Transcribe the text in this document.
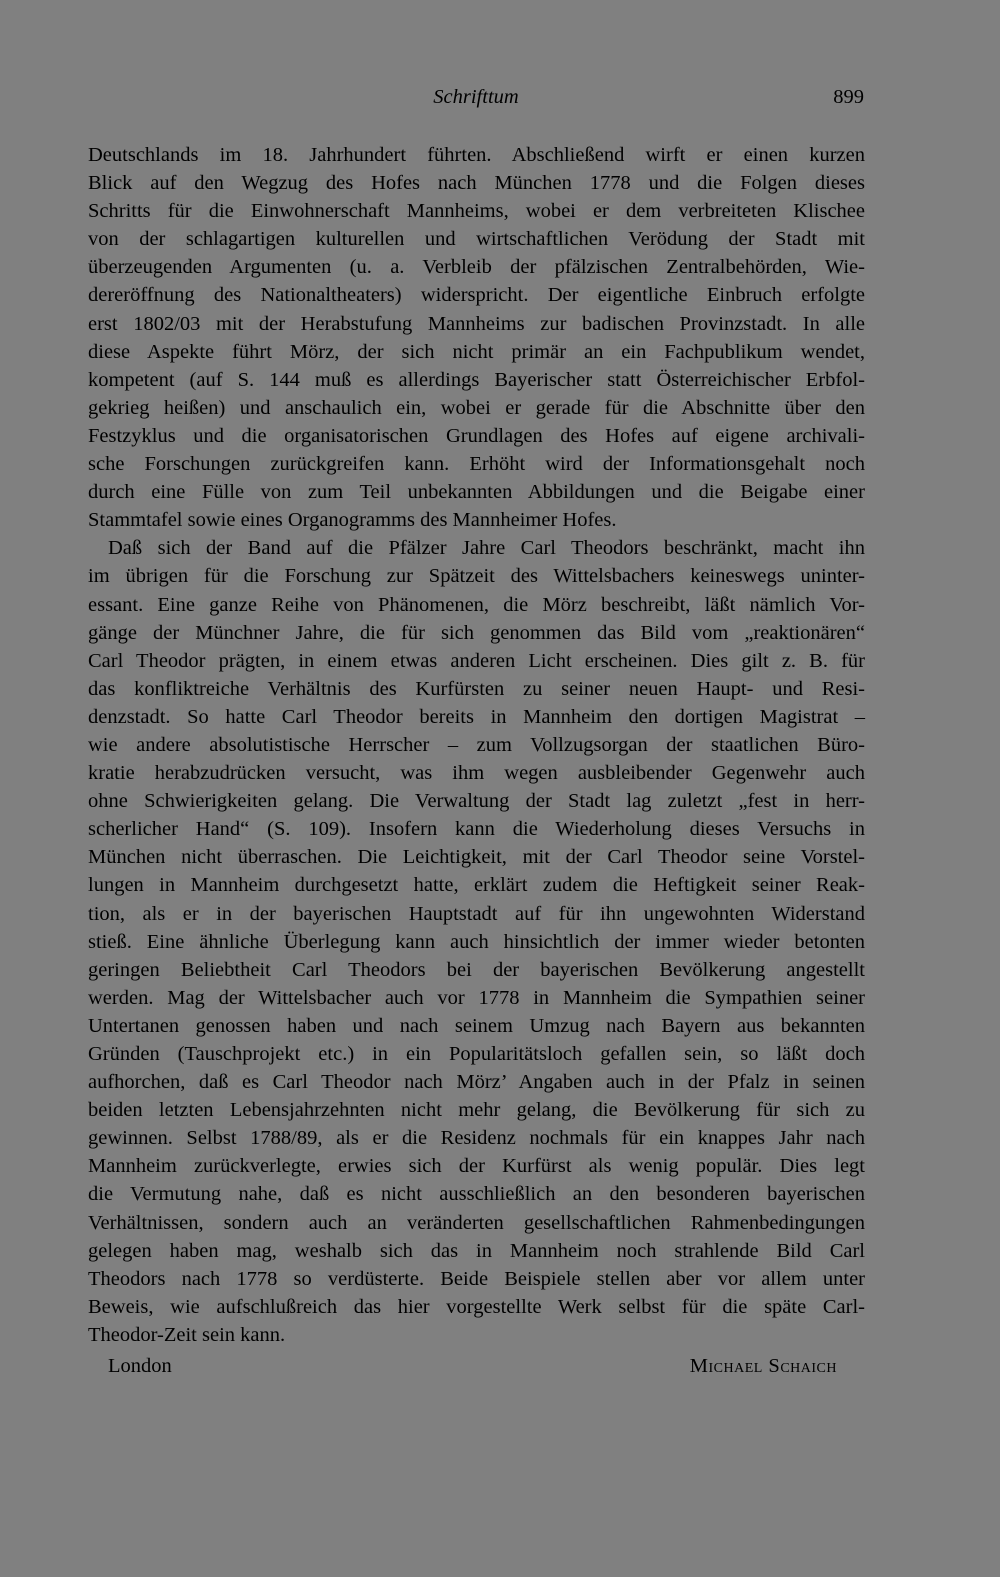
Schrifttum	899
Deutschlands im 18. Jahrhundert führten. Abschließend wirft er einen kurzen
Blick auf den Wegzug des Hofes nach München 1778 und die Folgen dieses
Schritts für die Einwohnerschaft Mannheims, wobei er dem verbreiteten Klischee
von der schlagartigen kulturellen und wirtschaftlichen Verödung der Stadt mit
überzeugenden Argumenten (u. a. Verbleib der pfälzischen Zentralbehörden, Wie-
dereröffnung des Nationaltheaters) widerspricht. Der eigentliche Einbruch erfolgte
erst 1802/03 mit der Herabstufung Mannheims zur badischen Provinzstadt. In alle
diese Aspekte führt Mörz, der sich nicht primär an ein Fachpublikum wendet,
kompetent (auf S. 144 muß es allerdings Bayerischer statt Österreichischer Erbfol-
gekrieg heißen) und anschaulich ein, wobei er gerade für die Abschnitte über den
Festzyklus und die organisatorischen Grundlagen des Hofes auf eigene archivali-
sche Forschungen zurückgreifen kann. Erhöht wird der Informationsgehalt noch
durch eine Fülle von zum Teil unbekannten Abbildungen und die Beigabe einer
Stammtafel sowie eines Organogramms des Mannheimer Hofes.
Daß sich der Band auf die Pfälzer Jahre Carl Theodors beschränkt, macht ihn
im übrigen für die Forschung zur Spätzeit des Wittelsbachers keineswegs uninter-
essant. Eine ganze Reihe von Phänomenen, die Mörz beschreibt, läßt nämlich Vor-
gänge der Münchner Jahre, die für sich genommen das Bild vom „reaktionären“
Carl Theodor prägten, in einem etwas anderen Licht erscheinen. Dies gilt z. B. für
das konfliktreiche Verhältnis des Kurfürsten zu seiner neuen Haupt- und Resi-
denzstadt. So hatte Carl Theodor bereits in Mannheim den dortigen Magistrat –
wie andere absolutistische Herrscher – zum Vollzugsorgan der staatlichen Büro-
kratie herabzudrücken versucht, was ihm wegen ausbleibender Gegenwehr auch
ohne Schwierigkeiten gelang. Die Verwaltung der Stadt lag zuletzt „fest in herr-
scherlicher Hand“ (S. 109). Insofern kann die Wiederholung dieses Versuchs in
München nicht überraschen. Die Leichtigkeit, mit der Carl Theodor seine Vorstel-
lungen in Mannheim durchgesetzt hatte, erklärt zudem die Heftigkeit seiner Reak-
tion, als er in der bayerischen Hauptstadt auf für ihn ungewohnten Widerstand
stieß. Eine ähnliche Überlegung kann auch hinsichtlich der immer wieder betonten
geringen Beliebtheit Carl Theodors bei der bayerischen Bevölkerung angestellt
werden. Mag der Wittelsbacher auch vor 1778 in Mannheim die Sympathien seiner
Untertanen genossen haben und nach seinem Umzug nach Bayern aus bekannten
Gründen (Tauschprojekt etc.) in ein Popularitätsloch gefallen sein, so läßt doch
aufhorchen, daß es Carl Theodor nach Mörz’ Angaben auch in der Pfalz in seinen
beiden letzten Lebensjahrzehnten nicht mehr gelang, die Bevölkerung für sich zu
gewinnen. Selbst 1788/89, als er die Residenz nochmals für ein knappes Jahr nach
Mannheim zurückverlegte, erwies sich der Kurfürst als wenig populär. Dies legt
die Vermutung nahe, daß es nicht ausschließlich an den besonderen bayerischen
Verhältnissen, sondern auch an veränderten gesellschaftlichen Rahmenbedingungen
gelegen haben mag, weshalb sich das in Mannheim noch strahlende Bild Carl
Theodors nach 1778 so verdüsterte. Beide Beispiele stellen aber vor allem unter
Beweis, wie aufschlußreich das hier vorgestellte Werk selbst für die späte Carl-
Theodor-Zeit sein kann.
London	Michael Schaich
